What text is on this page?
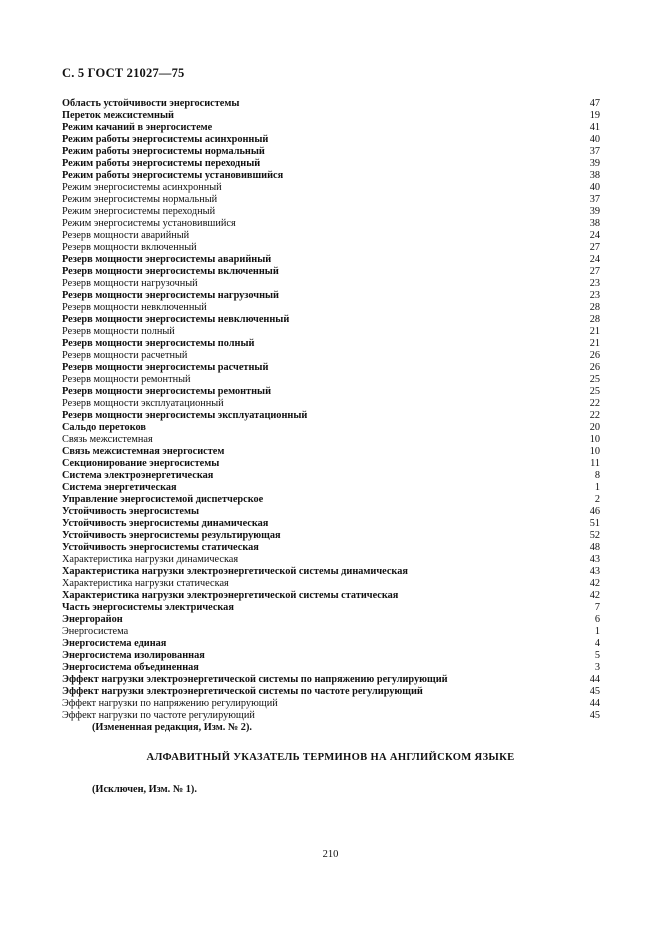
С. 5 ГОСТ 21027—75
Область устойчивости энергосистемы	47
Переток межсистемный	19
Режим качаний в энергосистеме	41
Режим работы энергосистемы асинхронный	40
Режим работы энергосистемы нормальный	37
Режим работы энергосистемы переходный	39
Режим работы энергосистемы установившийся	38
Режим энергосистемы асинхронный	40
Режим энергосистемы нормальный	37
Режим энергосистемы переходный	39
Режим энергосистемы установившийся	38
Резерв мощности аварийный	24
Резерв мощности включенный	27
Резерв мощности энергосистемы аварийный	24
Резерв мощности энергосистемы включенный	27
Резерв мощности нагрузочный	23
Резерв мощности энергосистемы нагрузочный	23
Резерв мощности невключенный	28
Резерв мощности энергосистемы невключенный	28
Резерв мощности полный	21
Резерв мощности энергосистемы полный	21
Резерв мощности расчетный	26
Резерв мощности энергосистемы расчетный	26
Резерв мощности ремонтный	25
Резерв мощности энергосистемы ремонтный	25
Резерв мощности эксплуатационный	22
Резерв мощности энергосистемы эксплуатационный	22
Сальдо перетоков	20
Связь межсистемная	10
Связь межсистемная энергосистем	10
Секционирование энергосистемы	11
Система электроэнергетическая	8
Система энергетическая	1
Управление энергосистемой диспетчерское	2
Устойчивость энергосистемы	46
Устойчивость энергосистемы динамическая	51
Устойчивость энергосистемы результирующая	52
Устойчивость энергосистемы статическая	48
Характеристика нагрузки динамическая	43
Характеристика нагрузки электроэнергетической системы динамическая	43
Характеристика нагрузки статическая	42
Характеристика нагрузки электроэнергетической системы статическая	42
Часть энергосистемы электрическая	7
Энергорайон	6
Энергосистема	1
Энергосистема единая	4
Энергосистема изолированная	5
Энергосистема объединенная	3
Эффект нагрузки электроэнергетической системы по напряжению регулирующий	44
Эффект нагрузки электроэнергетической системы по частоте регулирующий	45
Эффект нагрузки по напряжению регулирующий	44
Эффект нагрузки по частоте регулирующий	45
(Измененная редакция, Изм. № 2).
АЛФАВИТНЫЙ УКАЗАТЕЛЬ ТЕРМИНОВ НА АНГЛИЙСКОМ ЯЗЫКЕ
(Исключен, Изм. № 1).
210
